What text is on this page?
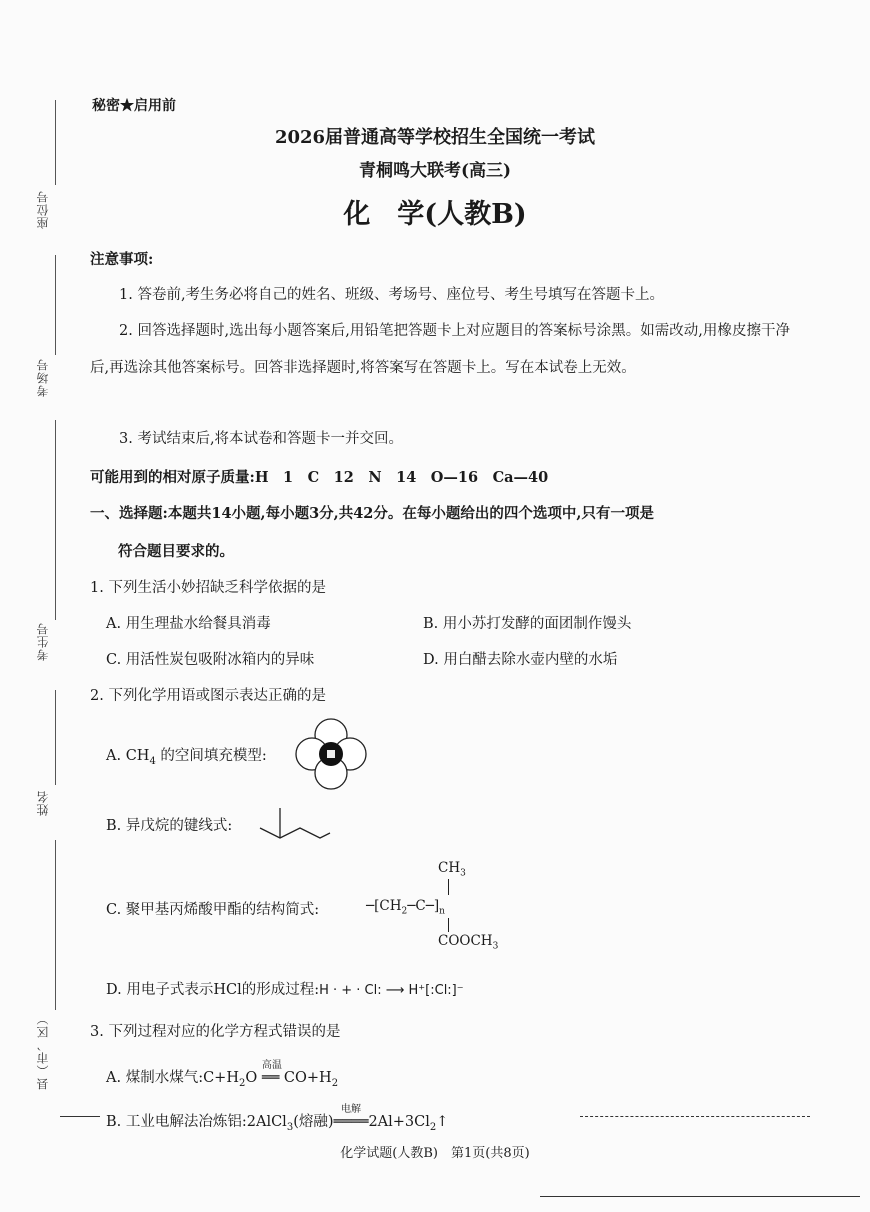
座位号
考场号
考生号
姓名
县（市、区）
秘密★启用前
2026届普通高等学校招生全国统一考试
青桐鸣大联考(高三)
化　学(人教B)
注意事项:
1. 答卷前,考生务必将自己的姓名、班级、考场号、座位号、考生号填写在答题卡上。
2. 回答选择题时,选出每小题答案后,用铅笔把答题卡上对应题目的答案标号涂黑。如需改动,用橡皮擦干净后,再选涂其他答案标号。回答非选择题时,将答案写在答题卡上。写在本试卷上无效。
3. 考试结束后,将本试卷和答题卡一并交回。
可能用到的相对原子质量:H　1　C　12　N　14　O—16　Ca—40
一、选择题:本题共14小题,每小题3分,共42分。在每小题给出的四个选项中,只有一项是
符合题目要求的。
1. 下列生活小妙招缺乏科学依据的是
A. 用生理盐水给餐具消毒	B. 用小苏打发酵的面团制作馒头
C. 用活性炭包吸附冰箱内的异味	D. 用白醋去除水壶内壁的水垢
2. 下列化学用语或图示表达正确的是
A. $CH_4$ 的空间填充模型:
B. 异戊烷的键线式:
C. 聚甲基丙烯酸甲酯的结构简式:
$CH_3$
$─[CH_2─C─]_n$
$COOCH_3$
D. 用电子式表示HCl的形成过程:H · + · Cl: ⟶ H⁺[:Cl:]⁻
3. 下列过程对应的化学方程式错误的是
A. 煤制水煤气$:C+H_2O$
高温
══ $CO+H_2$
B. 工业电解法冶炼铝:2AlCl$_3$(熔融)
电解
$════2Al+3Cl_2↑$
化学试题(人教B)　第1页(共8页)
